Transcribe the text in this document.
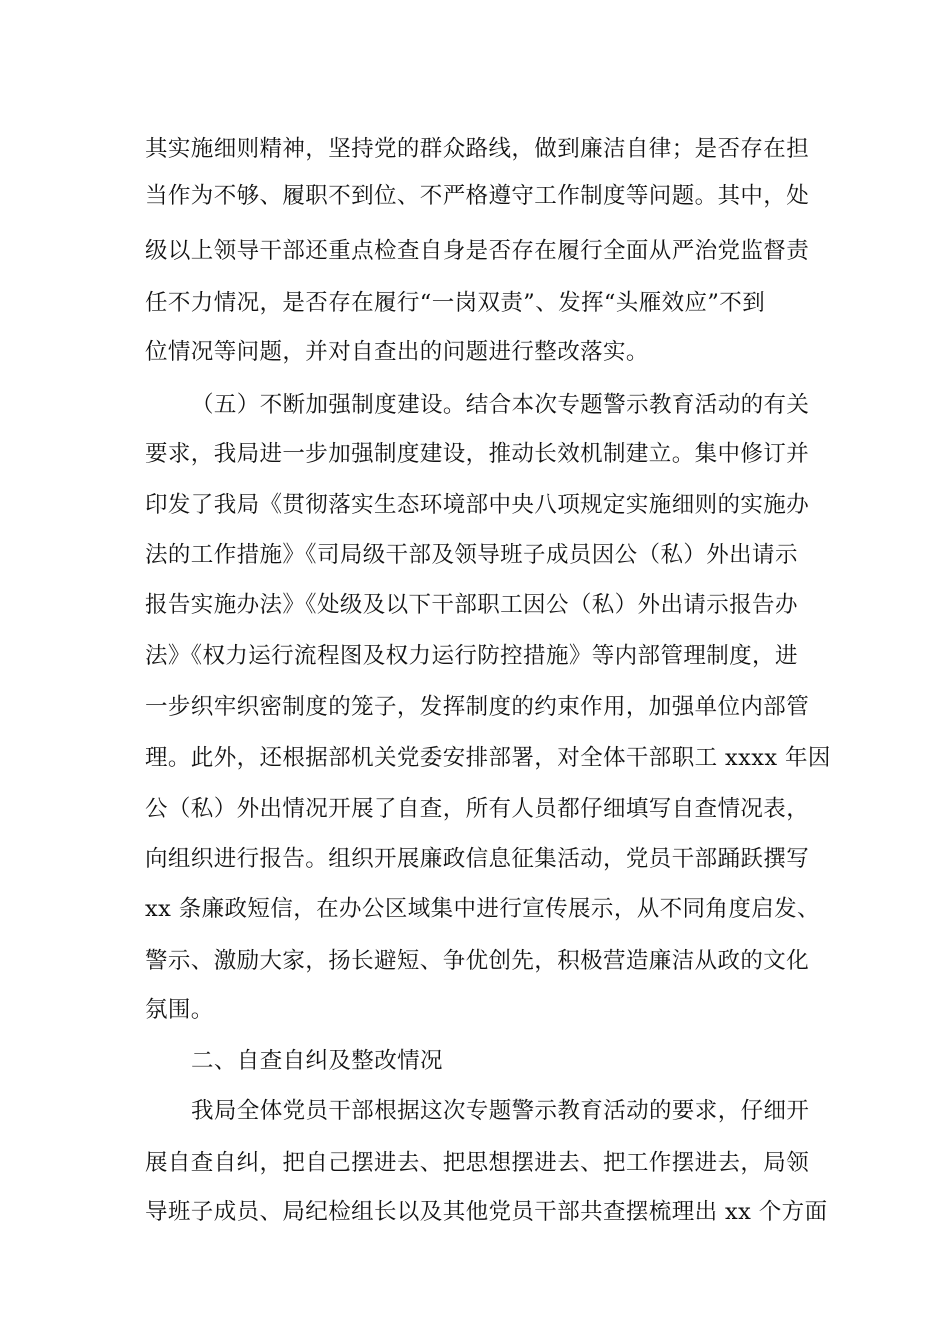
其实施细则精神，坚持党的群众路线，做到廉洁自律；是否存在担
当作为不够、履职不到位、不严格遵守工作制度等问题。其中，处
级以上领导干部还重点检查自身是否存在履行全面从严治党监督责
任不力情况，是否存在履行“一岗双责”、发挥“头雁效应”不到
位情况等问题，并对自查出的问题进行整改落实。
（五）不断加强制度建设。结合本次专题警示教育活动的有关
要求，我局进一步加强制度建设，推动长效机制建立。集中修订并
印发了我局《贯彻落实生态环境部中央八项规定实施细则的实施办
法的工作措施》《司局级干部及领导班子成员因公（私）外出请示
报告实施办法》《处级及以下干部职工因公（私）外出请示报告办
法》《权力运行流程图及权力运行防控措施》等内部管理制度，进
一步织牢织密制度的笼子，发挥制度的约束作用，加强单位内部管
理。此外，还根据部机关党委安排部署，对全体干部职工 xxxx 年因
公（私）外出情况开展了自查，所有人员都仔细填写自查情况表，
向组织进行报告。组织开展廉政信息征集活动，党员干部踊跃撰写
xx 条廉政短信，在办公区域集中进行宣传展示，从不同角度启发、
警示、激励大家，扬长避短、争优创先，积极营造廉洁从政的文化
氛围。
二、自查自纠及整改情况
我局全体党员干部根据这次专题警示教育活动的要求，仔细开
展自查自纠，把自己摆进去、把思想摆进去、把工作摆进去，局领
导班子成员、局纪检组长以及其他党员干部共查摆梳理出 xx 个方面
